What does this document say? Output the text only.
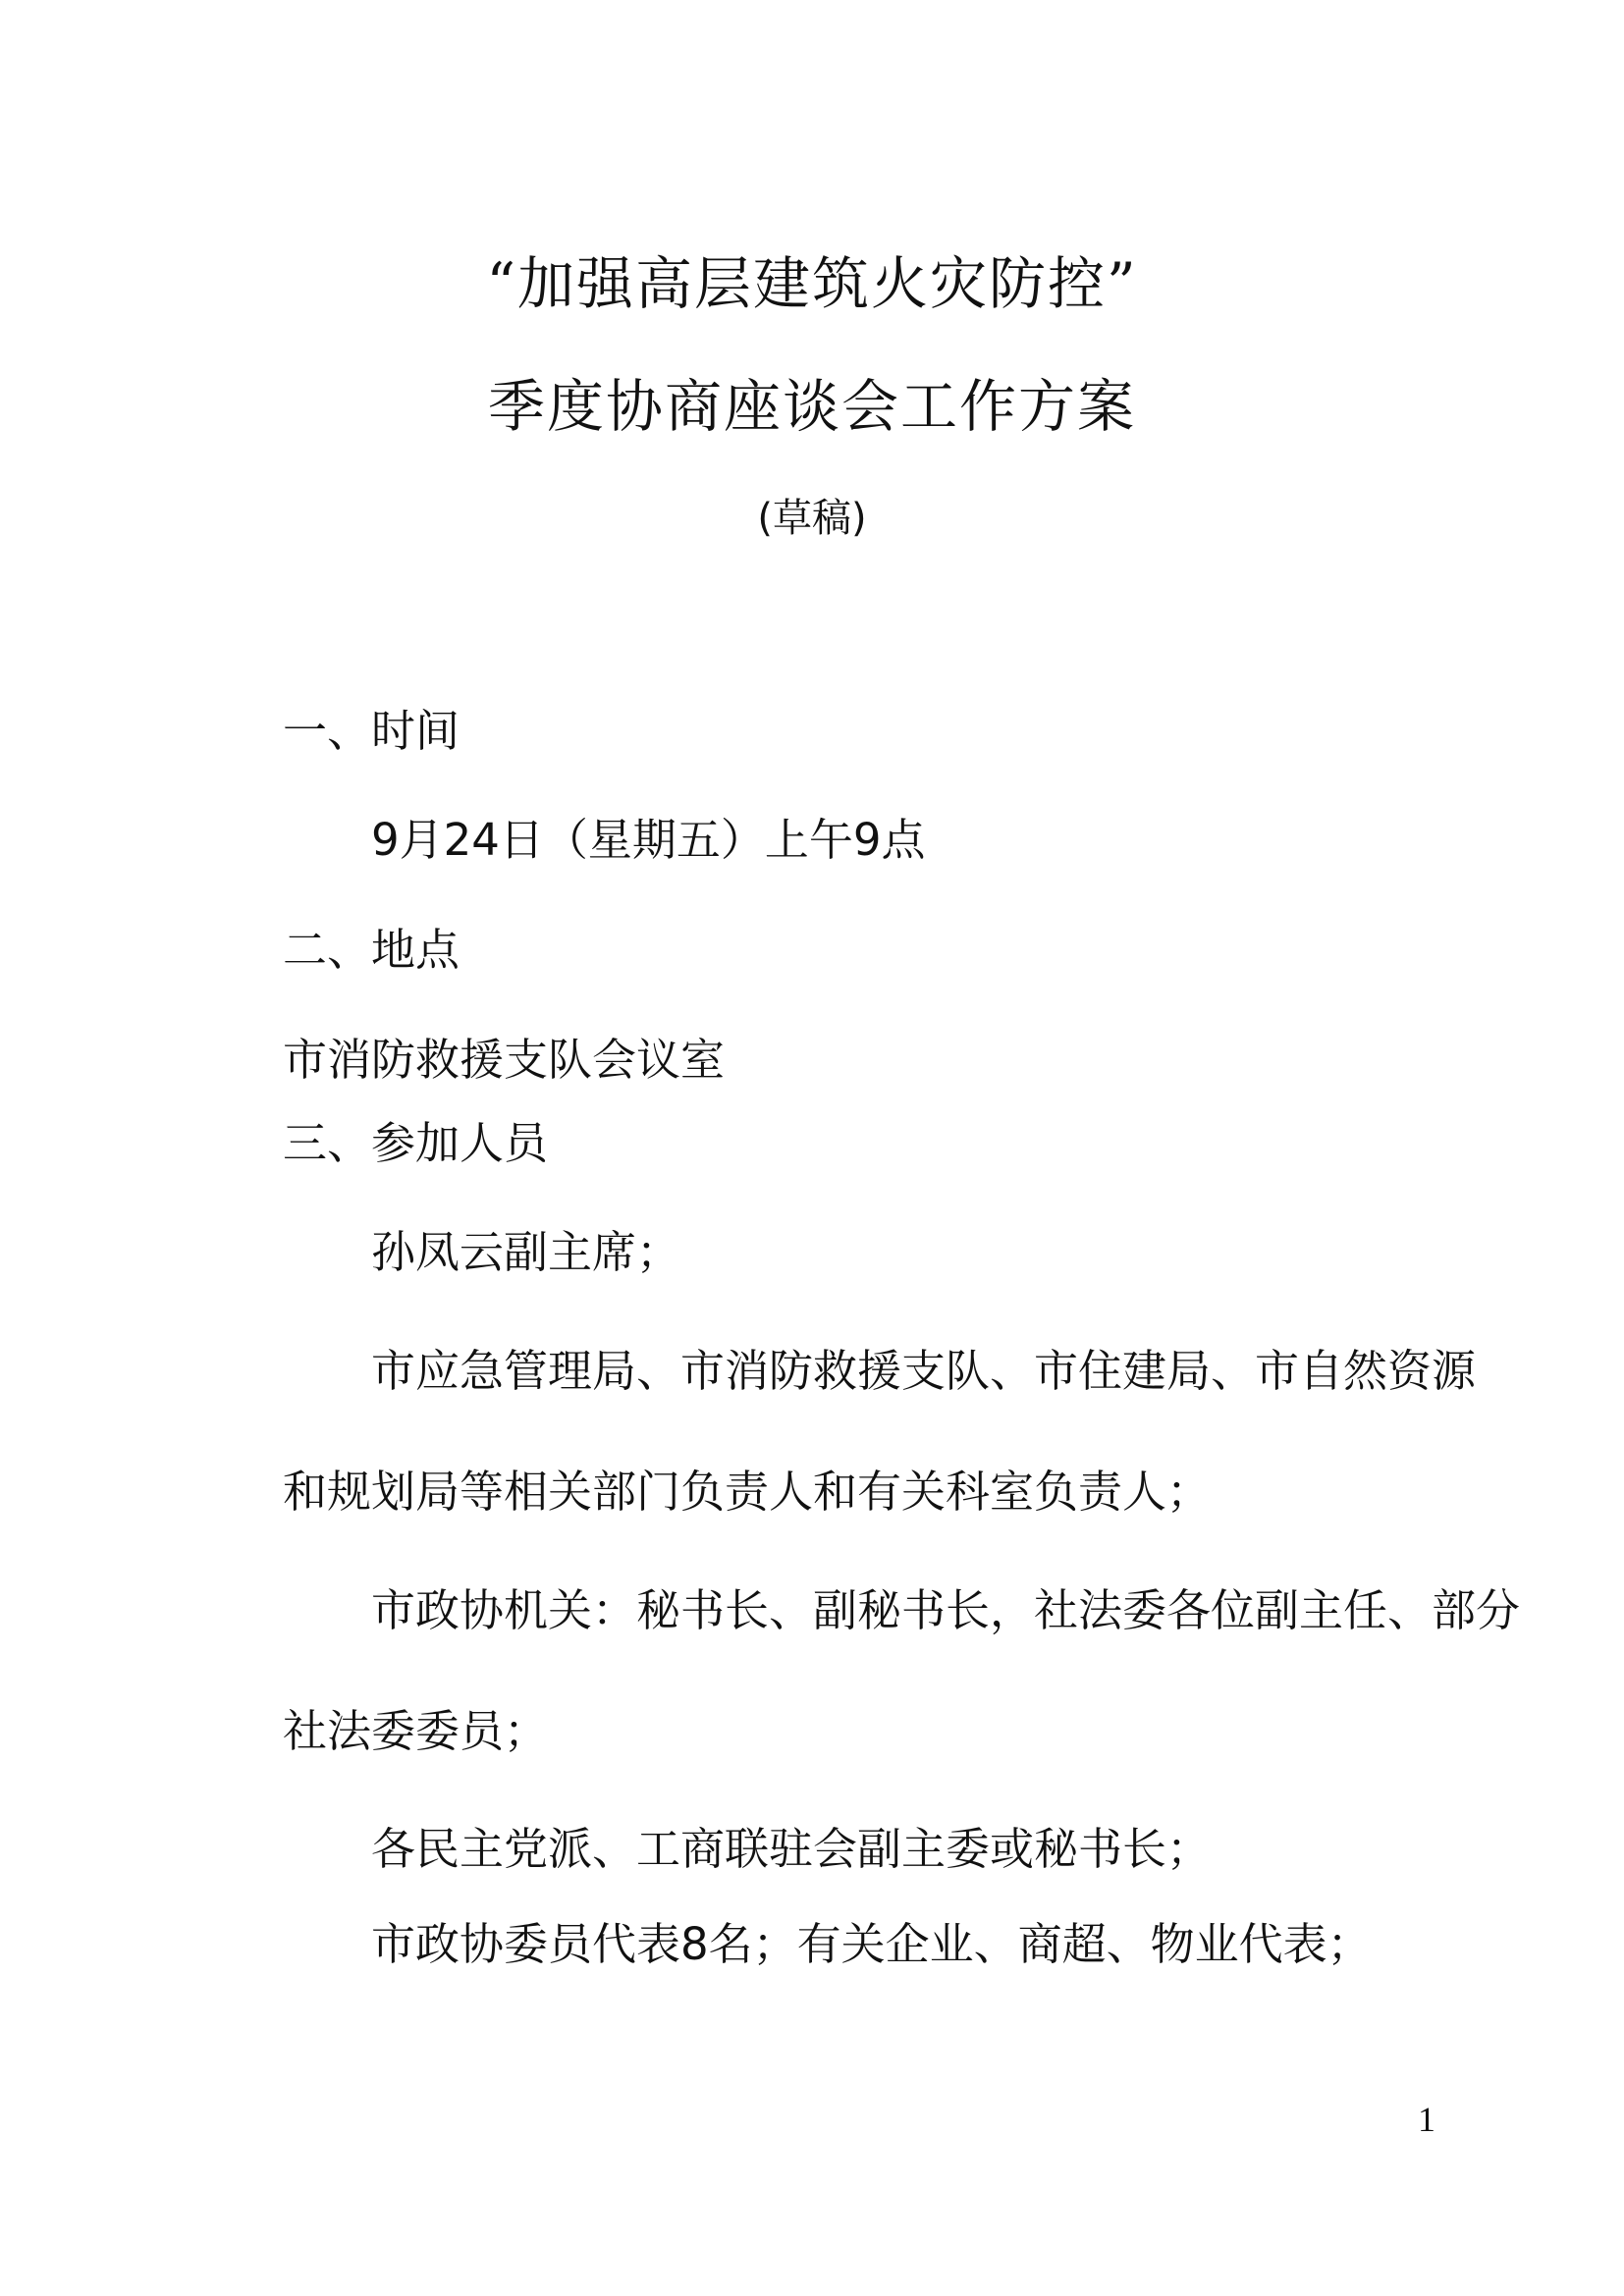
“加强高层建筑火灾防控”
季度协商座谈会工作方案
(草稿)
一、时间
9月24日（星期五）上午9点
二、地点
市消防救援支队会议室
三、参加人员
孙凤云副主席；
市应急管理局、市消防救援支队、市住建局、市自然资源
和规划局等相关部门负责人和有关科室负责人；
市政协机关：秘书长、副秘书长，社法委各位副主任、部分
社法委委员；
各民主党派、工商联驻会副主委或秘书长；
市政协委员代表8名；有关企业、商超、物业代表；
1
